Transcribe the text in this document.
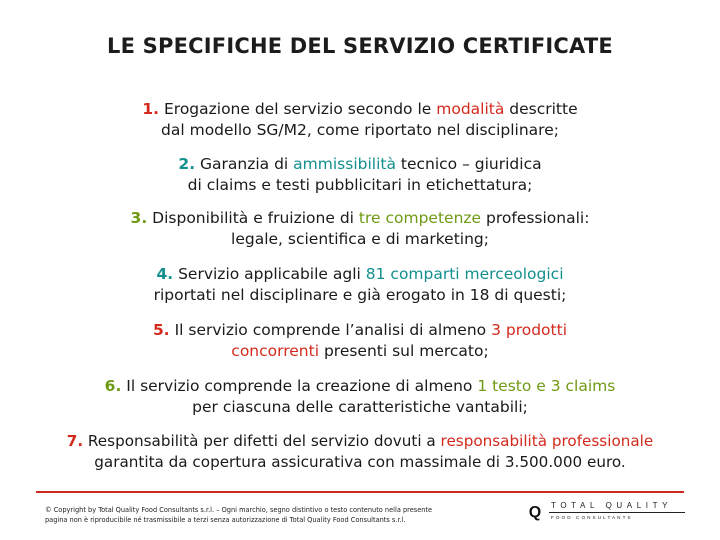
LE SPECIFICHE DEL SERVIZIO CERTIFICATE
1. Erogazione del servizio secondo le modalità descritte
dal modello SG/M2, come riportato nel disciplinare;
2. Garanzia di ammissibilità tecnico – giuridica
di claims e testi pubblicitari in etichettatura;
3. Disponibilità e fruizione di tre competenze professionali:
legale, scientifica e di marketing;
4. Servizio applicabile agli 81 comparti merceologici
riportati nel disciplinare e già erogato in 18 di questi;
5. Il servizio comprende l’analisi di almeno 3 prodotti
concorrenti presenti sul mercato;
6. Il servizio comprende la creazione di almeno 1 testo e 3 claims
per ciascuna delle caratteristiche vantabili;
7. Responsabilità per difetti del servizio dovuti a responsabilità professionale
garantita da copertura assicurativa con massimale di 3.500.000 euro.
© Copyright by Total Quality Food Consultants s.r.l. – Ogni marchio, segno distintivo o testo contenuto nella presente
pagina non è riproducibile né trasmissibile a terzi senza autorizzazione di Total Quality Food Consultants s.r.l.	Q TOTAL QUALITY
FOOD CONSULTANTS
